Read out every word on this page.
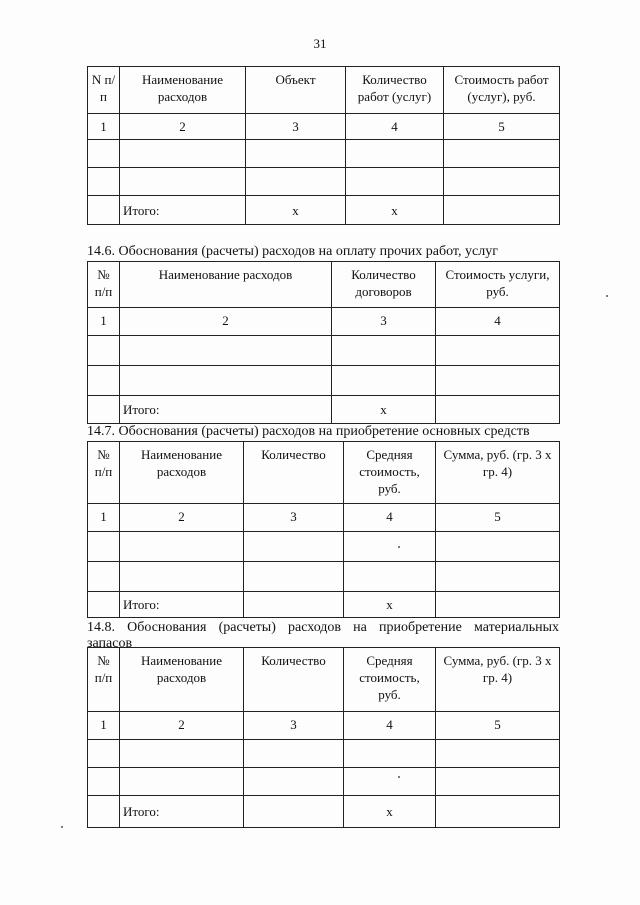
31
N п/п	Наименование расходов	Объект	Количество работ (услуг)	Стоимость работ (услуг), руб.
1	2	3	4	5

	Итого:	x	x	
14.6. Обоснования (расчеты) расходов на оплату прочих работ, услуг
№ п/п	Наименование расходов	Количество договоров	Стоимость услуги, руб.
1	2	3	4

	Итого:	x	
14.7. Обоснования (расчеты) расходов на приобретение основных средств
№ п/п	Наименование расходов	Количество	Средняя стоимость, руб.	Сумма, руб. (гр. 3 х гр. 4)
1	2	3	4	5

	Итого:		x	
14.8. Обоснования (расчеты) расходов на приобретение материальных
запасов
№ п/п	Наименование расходов	Количество	Средняя стоимость, руб.	Сумма, руб. (гр. 3 х гр. 4)
1	2	3	4	5

	Итого:		x	
